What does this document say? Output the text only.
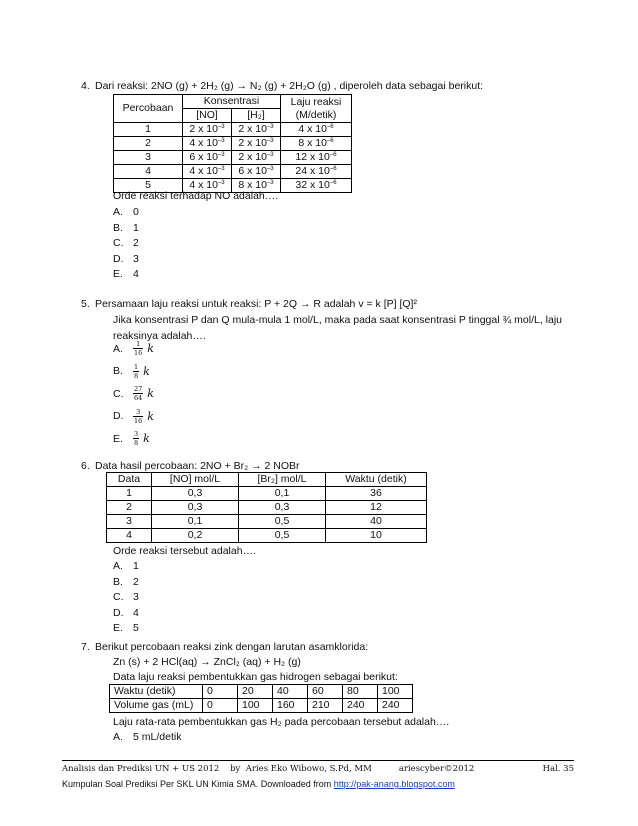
4. Dari reaksi: 2NO (g) + 2H₂ (g) → N₂ (g) + 2H₂O (g) , diperoleh data sebagai berikut:
Percobaan	Konsentrasi		Laju reaksi
(M/detik)
	[NO]	[H₂]	
1	2 x $10^{-3}$	2 x $10^{-3}$	4 x $10^{-6}$
2	4 x $10^{-3}$	2 x $10^{-3}$	8 x $10^{-6}$
3	6 x $10^{-3}$	2 x $10^{-3}$	12 x $10^{-6}$
4	4 x $10^{-3}$	6 x $10^{-3}$	24 x $10^{-6}$
5	4 x $10^{-3}$	8 x $10^{-3}$	32 x $10^{-6}$
Orde reaksi terhadap NO adalah….
A. 0
B. 1
C. 2
D. 3
E. 4
5. Persamaan laju reaksi untuk reaksi: P + 2Q → R adalah v = k [P] [Q]²
Jika konsentrasi P dan Q mula-mula 1 mol/L, maka pada saat konsentrasi P tinggal ¾ mol/L, laju
reaksinya adalah….
A. $\frac{1}{16}$ k
B. $\frac{1}{8}$ k
C. $\frac{27}{64}$ k
D. $\frac{3}{16}$ k
E. $\frac{3}{8}$ k
6. Data hasil percobaan: 2NO + Br₂ → 2 NOBr
Data	[NO] mol/L	[Br₂] mol/L	Waktu (detik)
1	0,3	0,1	36
2	0,3	0,3	12
3	0,1	0,5	40
4	0,2	0,5	10
Orde reaksi tersebut adalah….
A. 1
B. 2
C. 3
D. 4
E. 5
7. Berikut percobaan reaksi zink dengan larutan asamklorida:
Zn (s) + 2 HCl(aq) → ZnCl₂ (aq) + H₂ (g)
Data laju reaksi pembentukkan gas hidrogen sebagai berikut:
Waktu (detik)	0	20	40	60	80	100
Volume gas (mL)	0	100	160	210	240	240
Laju rata-rata pembentukkan gas H₂ pada percobaan tersebut adalah….
A. 5 mL/detik
Analisis dan Prediksi UN + US 2012    by  Aries Eko Wibowo, S.Pd, MM          ariescyber©2012	Hal. 35
Kumpulan Soal Prediksi Per SKL UN Kimia SMA. Downloaded from http://pak-anang.blogspot.com
